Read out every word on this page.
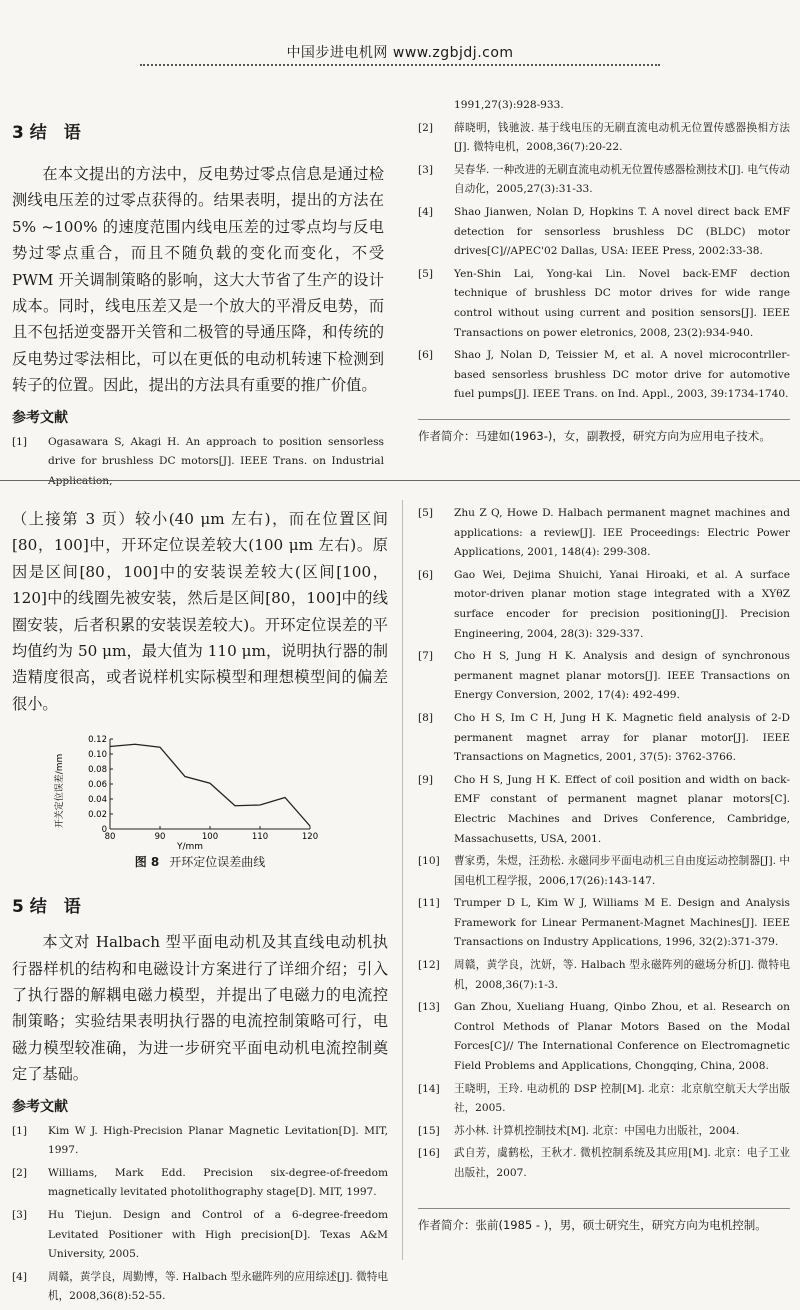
中国步进电机网 www.zgbjdj.com
3 结　语

在本文提出的方法中，反电势过零点信息是通过检测线电压差的过零点获得的。结果表明，提出的方法在5% ~100% 的速度范围内线电压差的过零点均与反电势过零点重合，而且不随负载的变化而变化，不受 PWM 开关调制策略的影响，这大大节省了生产的设计成本。同时，线电压差又是一个放大的平滑反电势，而且不包括逆变器开关管和二极管的导通压降，和传统的反电势过零法相比，可以在更低的电动机转速下检测到转子的位置。因此，提出的方法具有重要的推广价值。

参考文献
[1]	Ogasawara S, Akagi H. An approach to position sensorless drive for brushless DC motors[J]. IEEE Trans. on Industrial Application,
1991,27(3):928-933.
[2]	薛晓明，钱驰波. 基于线电压的无刷直流电动机无位置传感器换相方法[J]. 微特电机，2008,36(7):20-22.
[3]	吴春华. 一种改进的无刷直流电动机无位置传感器检测技术[J]. 电气传动自动化，2005,27(3):31-33.
[4]	Shao Jianwen, Nolan D, Hopkins T. A novel direct back EMF detection for sensorless brushless DC (BLDC) motor drives[C]//APEC'02 Dallas, USA: IEEE Press, 2002:33-38.
[5]	Yen-Shin Lai, Yong-kai Lin. Novel back-EMF dection technique of brushless DC motor drives for wide range control without using current and position sensors[J]. IEEE Transactions on power eletronics, 2008, 23(2):934-940.
[6]	Shao J, Nolan D, Teissier M, et al. A novel microcontrller-based sensorless brushless DC motor drive for automotive fuel pumps[J]. IEEE Trans. on Ind. Appl., 2003, 39:1734-1740.
作者简介：马建如(1963-)，女，副教授，研究方向为应用电子技术。

（上接第 3 页）较小(40 μm 左右)，而在位置区间[80，100]中，开环定位误差较大(100 μm 左右)。原因是区间[80，100]中的安装误差较大(区间[100，120]中的线圈先被安装，然后是区间[80，100]中的线圈安装，后者积累的安装误差较大)。开环定位误差的平均值约为 50 μm，最大值为 110 μm，说明执行器的制造精度很高，或者说样机实际模型和理想模型间的偏差很小。

开关定位误差/mm
0
0.02
0.04
0.06
0.08
0.10
0.12
80	90	100	110	120
Y/mm
图 8 开环定位误差曲线
5 结　语

本文对 Halbach 型平面电动机及其直线电动机执行器样机的结构和电磁设计方案进行了详细介绍；引入了执行器的解耦电磁力模型，并提出了电磁力的电流控制策略；实验结果表明执行器的电流控制策略可行，电磁力模型较准确，为进一步研究平面电动机电流控制奠定了基础。

参考文献
[1]	Kim W J. High-Precision Planar Magnetic Levitation[D]. MIT, 1997.
[2]	Williams, Mark Edd. Precision six-degree-of-freedom magnetically levitated photolithography stage[D]. MIT, 1997.
[3]	Hu Tiejun. Design and Control of a 6-degree-freedom Levitated Positioner with High precision[D]. Texas A&M University, 2005.
[4]	周赣，黄学良，周勤博，等. Halbach 型永磁阵列的应用综述[J]. 微特电机，2008,36(8):52-55.
[5]	Zhu Z Q, Howe D. Halbach permanent magnet machines and applications: a review[J]. IEE Proceedings: Electric Power Applications, 2001, 148(4): 299-308.
[6]	Gao Wei, Dejima Shuichi, Yanai Hiroaki, et al. A surface motor-driven planar motion stage integrated with a XYθZ surface encoder for precision positioning[J]. Precision Engineering, 2004, 28(3): 329-337.
[7]	Cho H S, Jung H K. Analysis and design of synchronous permanent magnet planar motors[J]. IEEE Transactions on Energy Conversion, 2002, 17(4): 492-499.
[8]	Cho H S, Im C H, Jung H K. Magnetic field analysis of 2-D permanent magnet array for planar motor[J]. IEEE Transactions on Magnetics, 2001, 37(5): 3762-3766.
[9]	Cho H S, Jung H K. Effect of coil position and width on back-EMF constant of permanent magnet planar motors[C]. Electric Machines and Drives Conference, Cambridge, Massachusetts, USA, 2001.
[10]	曹家勇，朱煜，汪劲松. 永磁同步平面电动机三自由度运动控制器[J]. 中国电机工程学报，2006,17(26):143-147.
[11]	Trumper D L, Kim W J, Williams M E. Design and Analysis Framework for Linear Permanent-Magnet Machines[J]. IEEE Transactions on Industry Applications, 1996, 32(2):371-379.
[12]	周赣，黄学良，沈妍，等. Halbach 型永磁阵列的磁场分析[J]. 微特电机，2008,36(7):1-3.
[13]	Gan Zhou, Xueliang Huang, Qinbo Zhou, et al. Research on Control Methods of Planar Motors Based on the Modal Forces[C]// The International Conference on Electromagnetic Field Problems and Applications, Chongqing, China, 2008.
[14]	王晓明，王玲. 电动机的 DSP 控制[M]. 北京：北京航空航天大学出版社，2005.
[15]	苏小林. 计算机控制技术[M]. 北京：中国电力出版社，2004.
[16]	武自芳，虞鹤松，王秋才. 微机控制系统及其应用[M]. 北京：电子工业出版社，2007.
作者简介：张前(1985 - )，男，硕士研究生，研究方向为电机控制。
